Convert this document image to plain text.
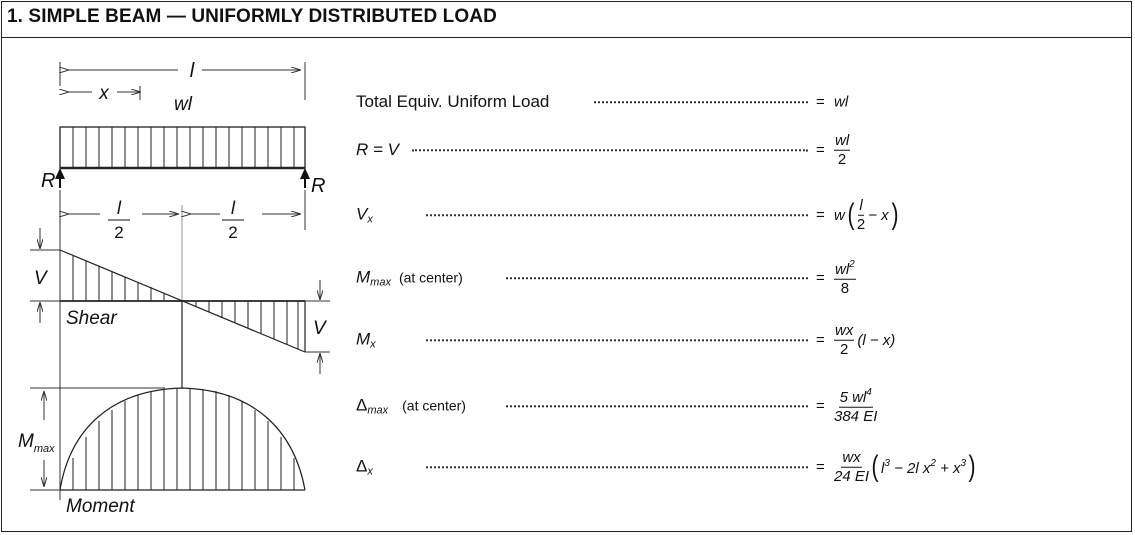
1. SIMPLE BEAM — UNIFORMLY DISTRIBUTED LOAD
l
x
wl
R	R
l
2
l
2
V
V
Shear
$M_{max}$
Moment
Total Equiv. Uniform Load	= wl
R = V	= $\frac{wl}{2}$
$V_x$	= w ( $\frac{l}{2} - x$ )
$M_{max}$ (at center)	= $\frac{wl^2}{8}$
$M_x$	= $\frac{wx}{2} (l - x)$
$\Delta_{max}$ (at center)	= $\frac{5 wl^4}{384 EI}$
$\Delta_x$	= $\frac{wx}{24 EI}$ ( $l^3 - 2l$ $x^2 + x^3$ )
